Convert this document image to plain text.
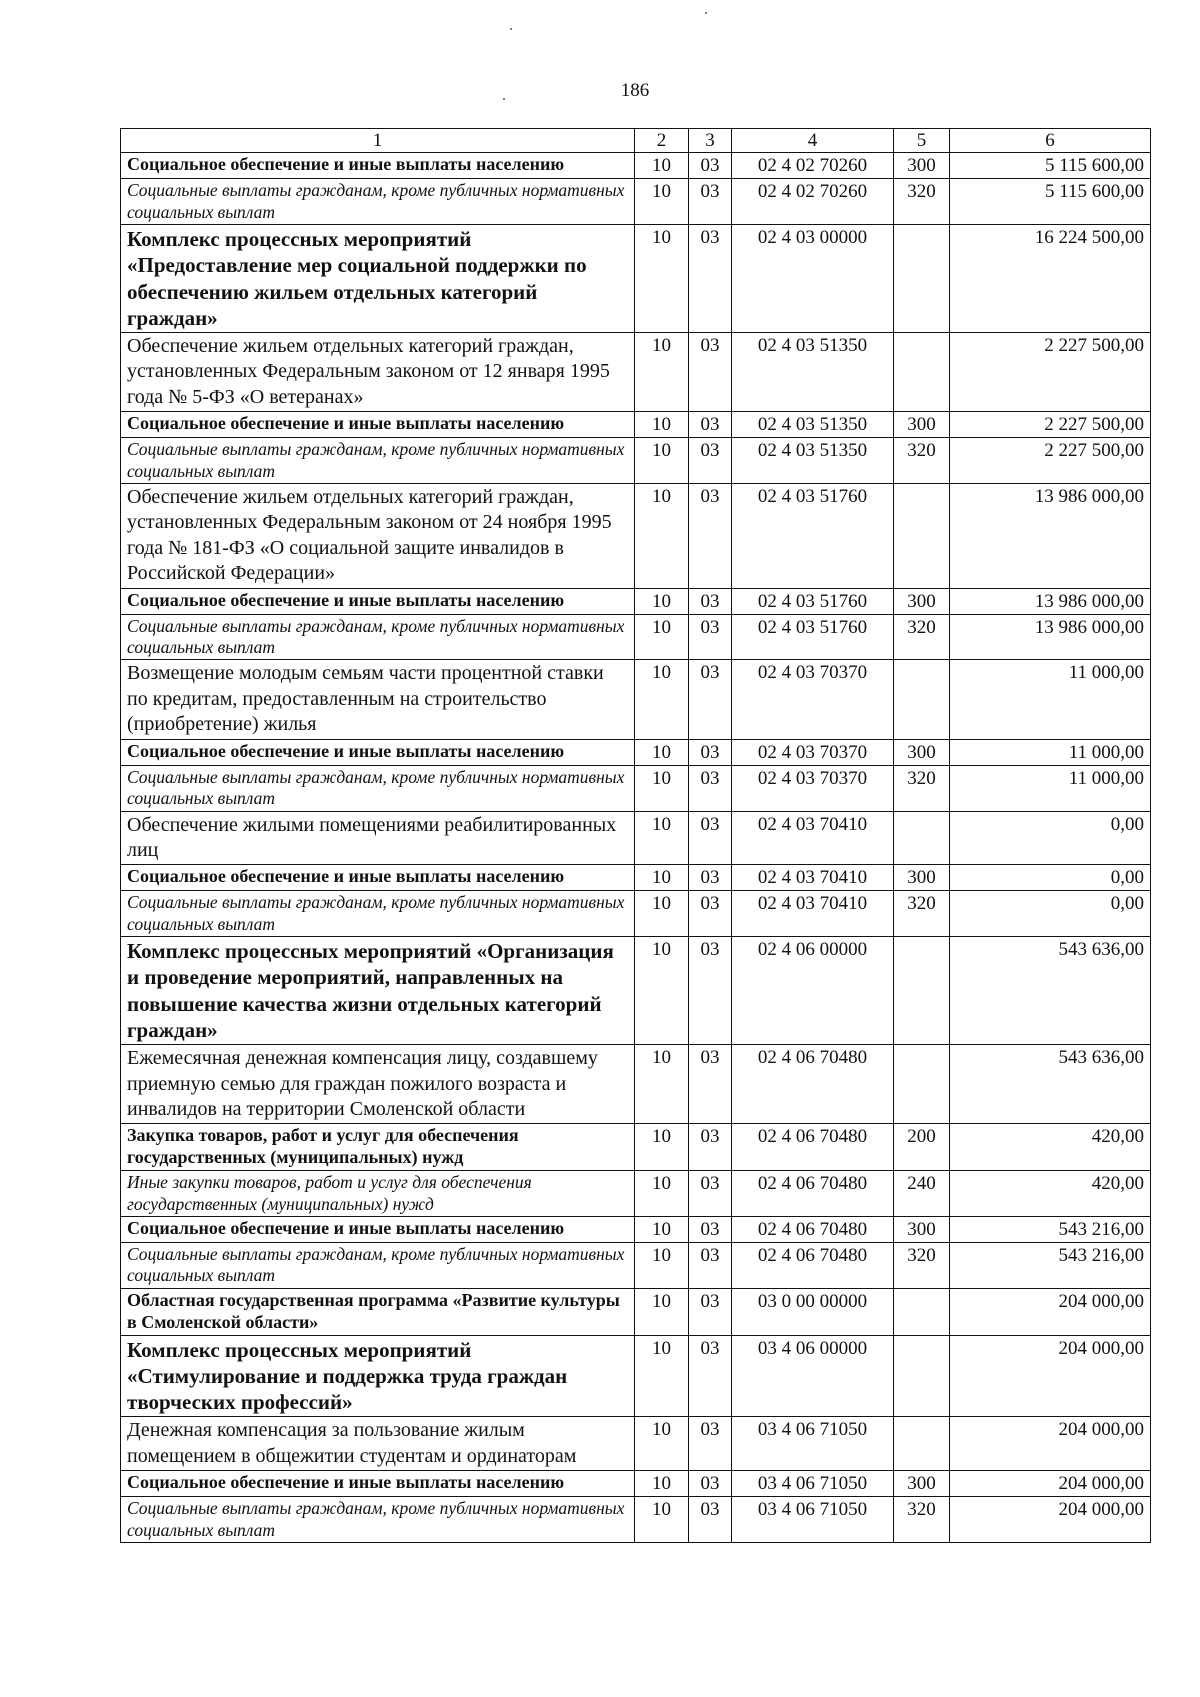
186
1	2	3	4	5	6
Социальное обеспечение и иные выплаты населению	10	03	02 4 02 70260	300	5 115 600,00
Социальные выплаты гражданам, кроме публичных нормативных социальных выплат	10	03	02 4 02 70260	320	5 115 600,00
Комплекс процессных мероприятий «Предоставление мер социальной поддержки по обеспечению жильем отдельных категорий граждан»	10	03	02 4 03 00000		16 224 500,00
Обеспечение жильем отдельных категорий граждан, установленных Федеральным законом от 12 января 1995 года № 5-ФЗ «О ветеранах»	10	03	02 4 03 51350		2 227 500,00
Социальное обеспечение и иные выплаты населению	10	03	02 4 03 51350	300	2 227 500,00
Социальные выплаты гражданам, кроме публичных нормативных социальных выплат	10	03	02 4 03 51350	320	2 227 500,00
Обеспечение жильем отдельных категорий граждан, установленных Федеральным законом от 24 ноября 1995 года № 181-ФЗ «О социальной защите инвалидов в Российской Федерации»	10	03	02 4 03 51760		13 986 000,00
Социальное обеспечение и иные выплаты населению	10	03	02 4 03 51760	300	13 986 000,00
Социальные выплаты гражданам, кроме публичных нормативных социальных выплат	10	03	02 4 03 51760	320	13 986 000,00
Возмещение молодым семьям части процентной ставки по кредитам, предоставленным на строительство (приобретение) жилья	10	03	02 4 03 70370		11 000,00
Социальное обеспечение и иные выплаты населению	10	03	02 4 03 70370	300	11 000,00
Социальные выплаты гражданам, кроме публичных нормативных социальных выплат	10	03	02 4 03 70370	320	11 000,00
Обеспечение жилыми помещениями реабилитированных лиц	10	03	02 4 03 70410		0,00
Социальное обеспечение и иные выплаты населению	10	03	02 4 03 70410	300	0,00
Социальные выплаты гражданам, кроме публичных нормативных социальных выплат	10	03	02 4 03 70410	320	0,00
Комплекс процессных мероприятий «Организация и проведение мероприятий, направленных на повышение качества жизни отдельных категорий граждан»	10	03	02 4 06 00000		543 636,00
Ежемесячная денежная компенсация лицу, создавшему приемную семью для граждан пожилого возраста и инвалидов на территории Смоленской области	10	03	02 4 06 70480		543 636,00
Закупка товаров, работ и услуг для обеспечения государственных (муниципальных) нужд	10	03	02 4 06 70480	200	420,00
Иные закупки товаров, работ и услуг для обеспечения государственных (муниципальных) нужд	10	03	02 4 06 70480	240	420,00
Социальное обеспечение и иные выплаты населению	10	03	02 4 06 70480	300	543 216,00
Социальные выплаты гражданам, кроме публичных нормативных социальных выплат	10	03	02 4 06 70480	320	543 216,00
Областная государственная программа «Развитие культуры в Смоленской области»	10	03	03 0 00 00000		204 000,00
Комплекс процессных мероприятий «Стимулирование и поддержка труда граждан творческих профессий»	10	03	03 4 06 00000		204 000,00
Денежная компенсация за пользование жилым помещением в общежитии студентам и ординаторам	10	03	03 4 06 71050		204 000,00
Социальное обеспечение и иные выплаты населению	10	03	03 4 06 71050	300	204 000,00
Социальные выплаты гражданам, кроме публичных нормативных социальных выплат	10	03	03 4 06 71050	320	204 000,00
